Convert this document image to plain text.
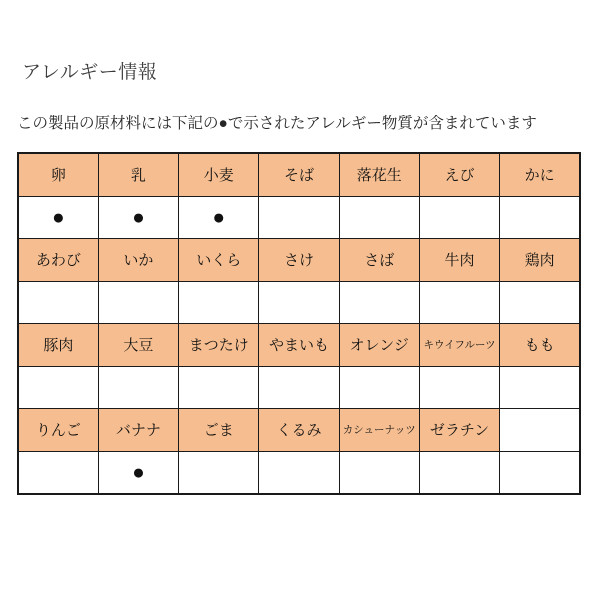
アレルギー情報
この製品の原材料には下記の●で示されたアレルギー物質が含まれています
卵	乳	小麦	そば	落花生	えび	かに
●	●	●				
あわび	いか	いくら	さけ	さば	牛肉	鶏肉

豚肉	大豆	まつたけ	やまいも	オレンジ	キウイフルーツ	もも

りんご	バナナ	ごま	くるみ	カシューナッツ	ゼラチン	
	●					
